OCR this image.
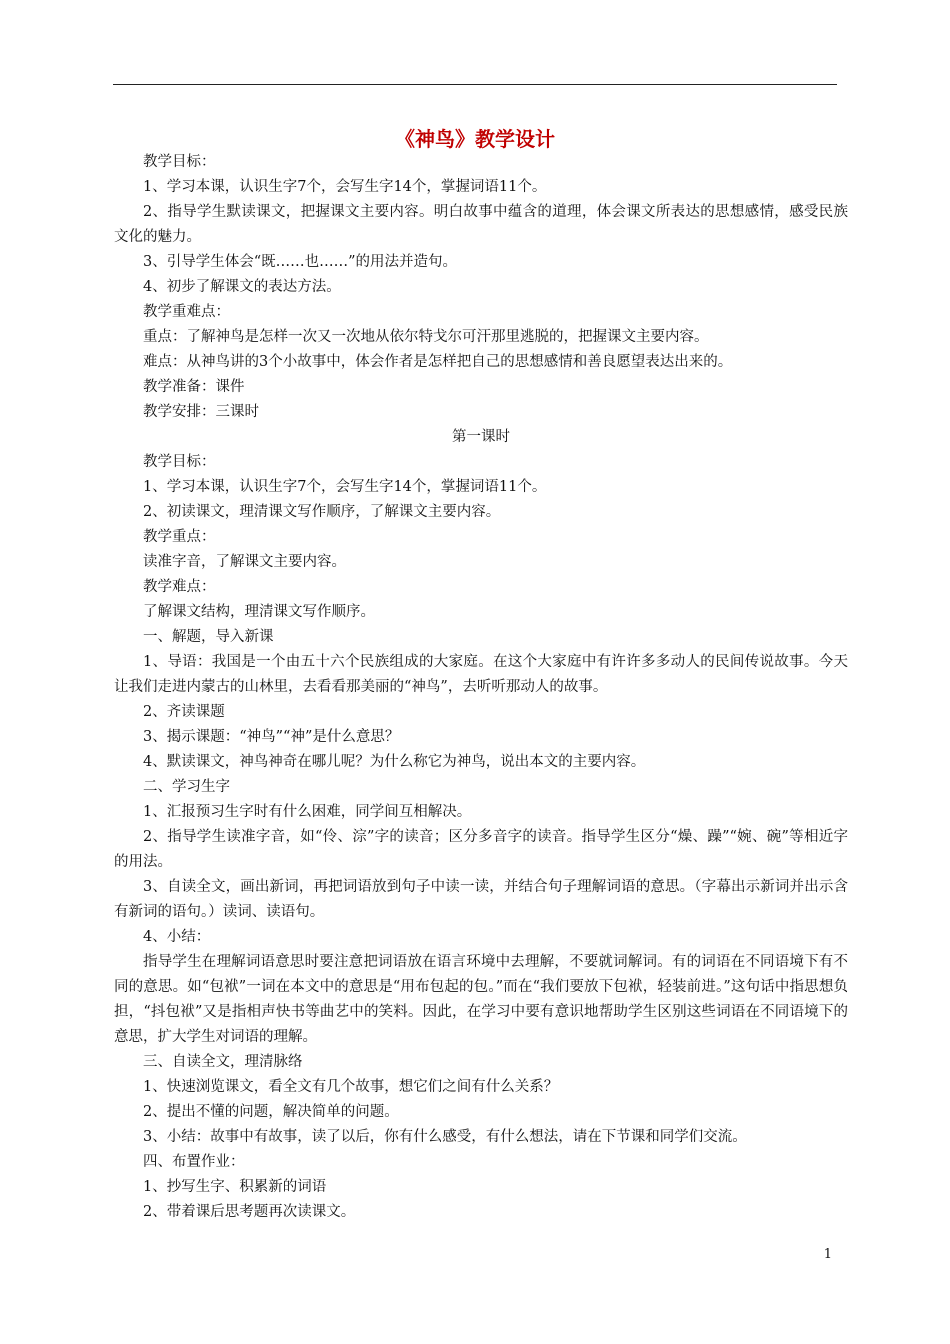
《神鸟》教学设计

教学目标：

1、学习本课，认识生字7个，会写生字14个，掌握词语11个。

2、指导学生默读课文，把握课文主要内容。明白故事中蕴含的道理，体会课文所表达的思想感情，感受民族文化的魅力。

3、引导学生体会“既……也……”的用法并造句。

4、初步了解课文的表达方法。

教学重难点：

重点：了解神鸟是怎样一次又一次地从依尔特戈尔可汗那里逃脱的，把握课文主要内容。

难点：从神鸟讲的3个小故事中，体会作者是怎样把自己的思想感情和善良愿望表达出来的。

教学准备：课件

教学安排：三课时

第一课时

教学目标：

1、学习本课，认识生字7个，会写生字14个，掌握词语11个。

2、初读课文，理清课文写作顺序，了解课文主要内容。

教学重点：

读准字音，了解课文主要内容。

教学难点：

了解课文结构，理清课文写作顺序。

一、解题，导入新课

1、导语：我国是一个由五十六个民族组成的大家庭。在这个大家庭中有许许多多动人的民间传说故事。今天让我们走进内蒙古的山林里，去看看那美丽的“神鸟”，去听听那动人的故事。

2、齐读课题

3、揭示课题：“神鸟”“神”是什么意思？

4、默读课文，神鸟神奇在哪儿呢？为什么称它为神鸟，说出本文的主要内容。

二、学习生字

1、汇报预习生字时有什么困难，同学间互相解决。

2、指导学生读准字音，如“伶、淙”字的读音；区分多音字的读音。指导学生区分“燥、躁”“婉、碗”等相近字的用法。

3、自读全文，画出新词，再把词语放到句子中读一读，并结合句子理解词语的意思。（字幕出示新词并出示含有新词的语句。）读词、读语句。

4、小结：

指导学生在理解词语意思时要注意把词语放在语言环境中去理解，不要就词解词。有的词语在不同语境下有不同的意思。如“包袱”一词在本文中的意思是“用布包起的包。”而在“我们要放下包袱，轻装前进。”这句话中指思想负担，“抖包袱”又是指相声快书等曲艺中的笑料。因此，在学习中要有意识地帮助学生区别这些词语在不同语境下的意思，扩大学生对词语的理解。

三、自读全文，理清脉络

1、快速浏览课文，看全文有几个故事，想它们之间有什么关系？

2、提出不懂的问题，解决简单的问题。

3、小结：故事中有故事，读了以后，你有什么感受，有什么想法，请在下节课和同学们交流。

四、布置作业：

1、抄写生字、积累新的词语

2、带着课后思考题再次读课文。

1
